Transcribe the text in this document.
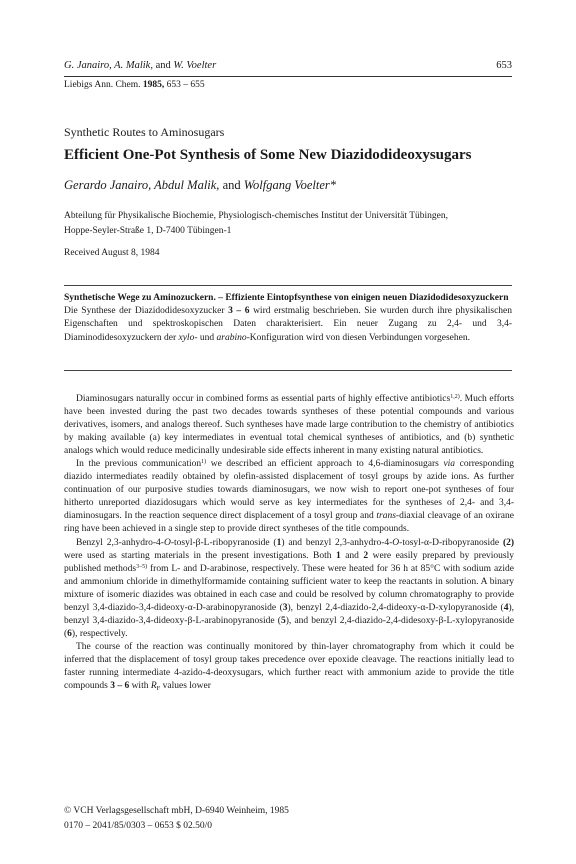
G. Janairo, A. Malik, and W. Voelter	653
Liebigs Ann. Chem. 1985, 653 – 655
Synthetic Routes to Aminosugars
Efficient One-Pot Synthesis of Some New Diazidodideoxysugars
Gerardo Janairo, Abdul Malik, and Wolfgang Voelter*
Abteilung für Physikalische Biochemie, Physiologisch-chemisches Institut der Universität Tübingen,
Hoppe-Seyler-Straße 1, D-7400 Tübingen-1
Received August 8, 1984
Synthetische Wege zu Aminozuckern. – Effiziente Eintopfsynthese von einigen neuen Diazidodidesoxyzuckern

Die Synthese der Diazidodidesoxyzucker 3 – 6 wird erstmalig beschrieben. Sie wurden durch ihre physikalischen Eigenschaften und spektroskopischen Daten charakterisiert. Ein neuer Zugang zu 2,4- und 3,4-Diaminodidesoxyzuckern der xylo- und arabino-Konfiguration wird von diesen Verbindungen vorgesehen.

Diaminosugars naturally occur in combined forms as essential parts of highly effective antibiotics$^{1,2)}$. Much efforts have been invested during the past two decades towards syntheses of these potential compounds and various derivatives, isomers, and analogs thereof. Such syntheses have made large contribution to the chemistry of antibiotics by making available (a) key intermediates in eventual total chemical syntheses of antibiotics, and (b) synthetic analogs which would reduce medicinally undesirable side effects inherent in many existing natural antibiotics.

In the previous communication$^{1)}$ we described an efficient approach to 4,6-diaminosugars via corresponding diazido intermediates readily obtained by olefin-assisted displacement of tosyl groups by azide ions. As further continuation of our purposive studies towards diaminosugars, we now wish to report one-pot syntheses of four hitherto unreported diazidosugars which would serve as key intermediates for the syntheses of 2,4- and 3,4-diaminosugars. In the reaction sequence direct displacement of a tosyl group and trans-diaxial cleavage of an oxirane ring have been achieved in a single step to provide direct syntheses of the title compounds.

Benzyl 2,3-anhydro-4-O-tosyl-β-L-ribopyranoside (1) and benzyl 2,3-anhydro-4-O-tosyl-α-D-ribopyranoside (2) were used as starting materials in the present investigations. Both 1 and 2 were easily prepared by previously published methods$^{3-5)}$ from L- and D-arabinose, respectively. These were heated for 36 h at 85°C with sodium azide and ammonium chloride in dimethylformamide containing sufficient water to keep the reactants in solution. A binary mixture of isomeric diazides was obtained in each case and could be resolved by column chromatography to provide benzyl 3,4-diazido-3,4-dideoxy-α-D-arabinopyranoside (3), benzyl 2,4-diazido-2,4-dideoxy-α-D-xylopyranoside (4), benzyl 3,4-diazido-3,4-dideoxy-β-L-arabinopyranoside (5), and benzyl 2,4-diazido-2,4-didesoxy-β-L-xylopyranoside (6), respectively.

The course of the reaction was continually monitored by thin-layer chromatography from which it could be inferred that the displacement of tosyl group takes precedence over epoxide cleavage. The reactions initially lead to faster running intermediate 4-azido-4-deoxysugars, which further react with ammonium azide to provide the title compounds 3 – 6 with $R_F$ values lower

© VCH Verlagsgesellschaft mbH, D-6940 Weinheim, 1985
0170 – 2041/85/0303 – 0653 $ 02.50/0
